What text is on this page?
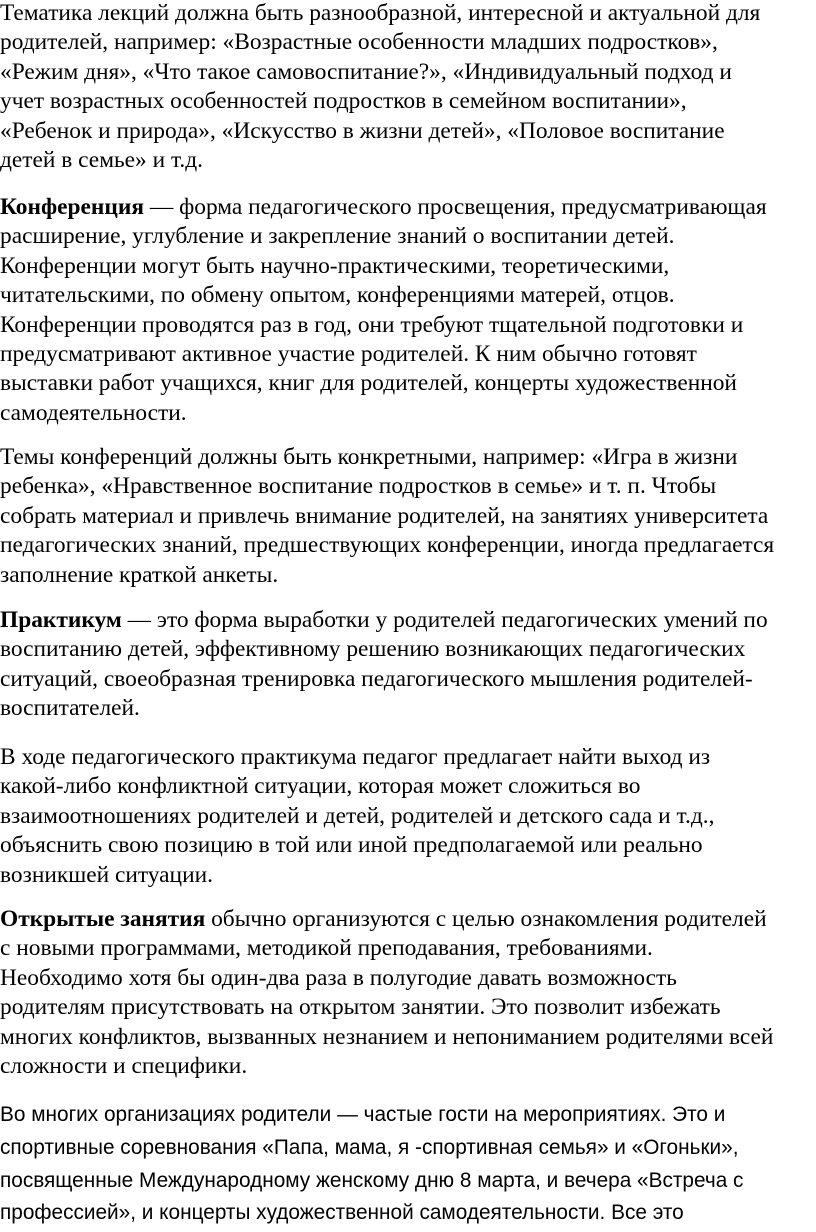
Тематика лекций должна быть разнообразной, интересной и актуальной для
родителей, например: «Возрастные особенности младших подростков»,
«Режим дня», «Что такое самовоспитание?», «Индивидуальный подход и
учет возрастных особенностей подростков в семейном воспитании»,
«Ребенок и природа», «Искусство в жизни детей», «Половое воспитание
детей в семье» и т.д.

Конференция — форма педагогического просвещения, предусматривающая
расширение, углубление и закрепление знаний о воспитании детей.
Конференции могут быть научно-практическими, теоретическими,
читательскими, по обмену опытом, конференциями матерей, отцов.
Конференции проводятся раз в год, они требуют тщательной подготовки и
предусматривают активное участие родителей. К ним обычно готовят
выставки работ учащихся, книг для родителей, концерты художественной
самодеятельности.

Темы конференций должны быть конкретными, например: «Игра в жизни
ребенка», «Нравственное воспитание подростков в семье» и т. п. Чтобы
собрать материал и привлечь внимание родителей, на занятиях университета
педагогических знаний, предшествующих конференции, иногда предлагается
заполнение краткой анкеты.

Практикум — это форма выработки у родителей педагогических умений по
воспитанию детей, эффективному решению возникающих педагогических
ситуаций, своеобразная тренировка педагогического мышления родителей-
воспитателей.

В ходе педагогического практикума педагог предлагает найти выход из
какой-либо конфликтной ситуации, которая может сложиться во
взаимоотношениях родителей и детей, родителей и детского сада и т.д.,
объяснить свою позицию в той или иной предполагаемой или реально
возникшей ситуации.

Открытые занятия обычно организуются с целью ознакомления родителей
с новыми программами, методикой преподавания, требованиями.
Необходимо хотя бы один-два раза в полугодие давать возможность
родителям присутствовать на открытом занятии. Это позволит избежать
многих конфликтов, вызванных незнанием и непониманием родителями всей
сложности и специфики.

Во многих организациях родители — частые гости на мероприятиях. Это и
спортивные соревнования «Папа, мама, я -спортивная семья» и «Огоньки»,
посвященные Международному женскому дню 8 марта, и вечера «Встреча с
профессией», и концерты художественной самодеятельности. Все это
